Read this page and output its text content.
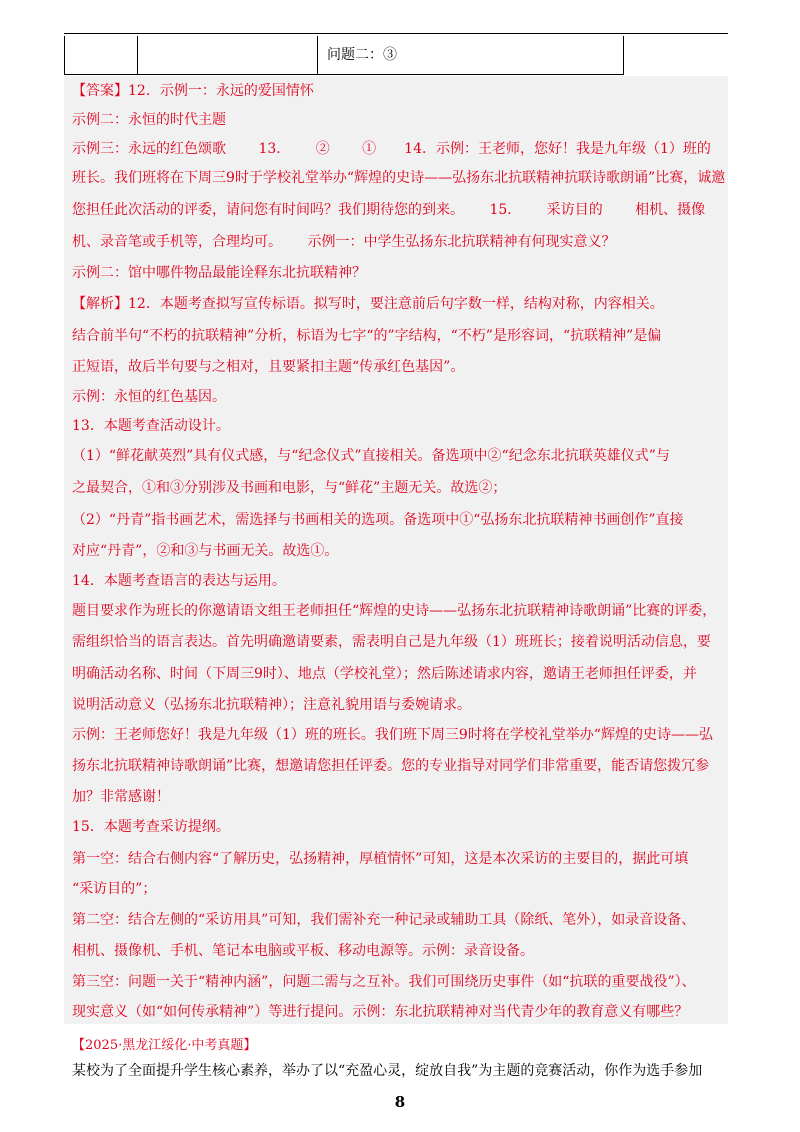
问题二：③
【答案】12．示例一：永远的爱国情怀
示例二：永恒的时代主题
示例三：永远的红色颂歌　　 13．　　 ②　　 ①　　14．示例：王老师，您好！我是九年级（1）班的
班长。我们班将在下周三9时于学校礼堂举办“辉煌的史诗——弘扬东北抗联精神抗联诗歌朗诵”比赛，诚邀
您担任此次活动的评委，请问您有时间吗？我们期待您的到来。　　 15．　　 采访目的　　 相机、摄像
机、录音笔或手机等，合理均可。　　 示例一：中学生弘扬东北抗联精神有何现实意义？
示例二：馆中哪件物品最能诠释东北抗联精神？
【解析】12．本题考查拟写宣传标语。拟写时，要注意前后句字数一样，结构对称，内容相关。
结合前半句“不朽的抗联精神”分析，标语为七字“的”字结构，“不朽”是形容词，“抗联精神”是偏
正短语，故后半句要与之相对，且要紧扣主题“传承红色基因”。
示例：永恒的红色基因。
13．本题考查活动设计。
（1）“鲜花献英烈”具有仪式感，与“纪念仪式”直接相关。备选项中②“纪念东北抗联英雄仪式”与
之最契合，①和③分别涉及书画和电影，与“鲜花”主题无关。故选②；
（2）“丹青”指书画艺术，需选择与书画相关的选项。备选项中①“弘扬东北抗联精神书画创作”直接
对应“丹青”，②和③与书画无关。故选①。
14．本题考查语言的表达与运用。
题目要求作为班长的你邀请语文组王老师担任“辉煌的史诗——弘扬东北抗联精神诗歌朗诵”比赛的评委，
需组织恰当的语言表达。首先明确邀请要素，需表明自己是九年级（1）班班长；接着说明活动信息，要
明确活动名称、时间（下周三9时）、地点（学校礼堂）；然后陈述请求内容，邀请王老师担任评委，并
说明活动意义（弘扬东北抗联精神）；注意礼貌用语与委婉请求。
示例：王老师您好！我是九年级（1）班的班长。我们班下周三9时将在学校礼堂举办“辉煌的史诗——弘
扬东北抗联精神诗歌朗诵”比赛，想邀请您担任评委。您的专业指导对同学们非常重要，能否请您拨冗参
加？非常感谢！
15．本题考查采访提纲。
第一空：结合右侧内容“了解历史，弘扬精神，厚植情怀”可知，这是本次采访的主要目的，据此可填
“采访目的”；
第二空：结合左侧的“采访用具”可知，我们需补充一种记录或辅助工具（除纸、笔外），如录音设备、
相机、摄像机、手机、笔记本电脑或平板、移动电源等。示例：录音设备。
第三空：问题一关于“精神内涵”，问题二需与之互补。我们可围绕历史事件（如“抗联的重要战役”）、
现实意义（如“如何传承精神”）等进行提问。示例：东北抗联精神对当代青少年的教育意义有哪些？
【2025·黑龙江绥化·中考真题】
某校为了全面提升学生核心素养，举办了以“充盈心灵，绽放自我”为主题的竞赛活动，你作为选手参加
8
